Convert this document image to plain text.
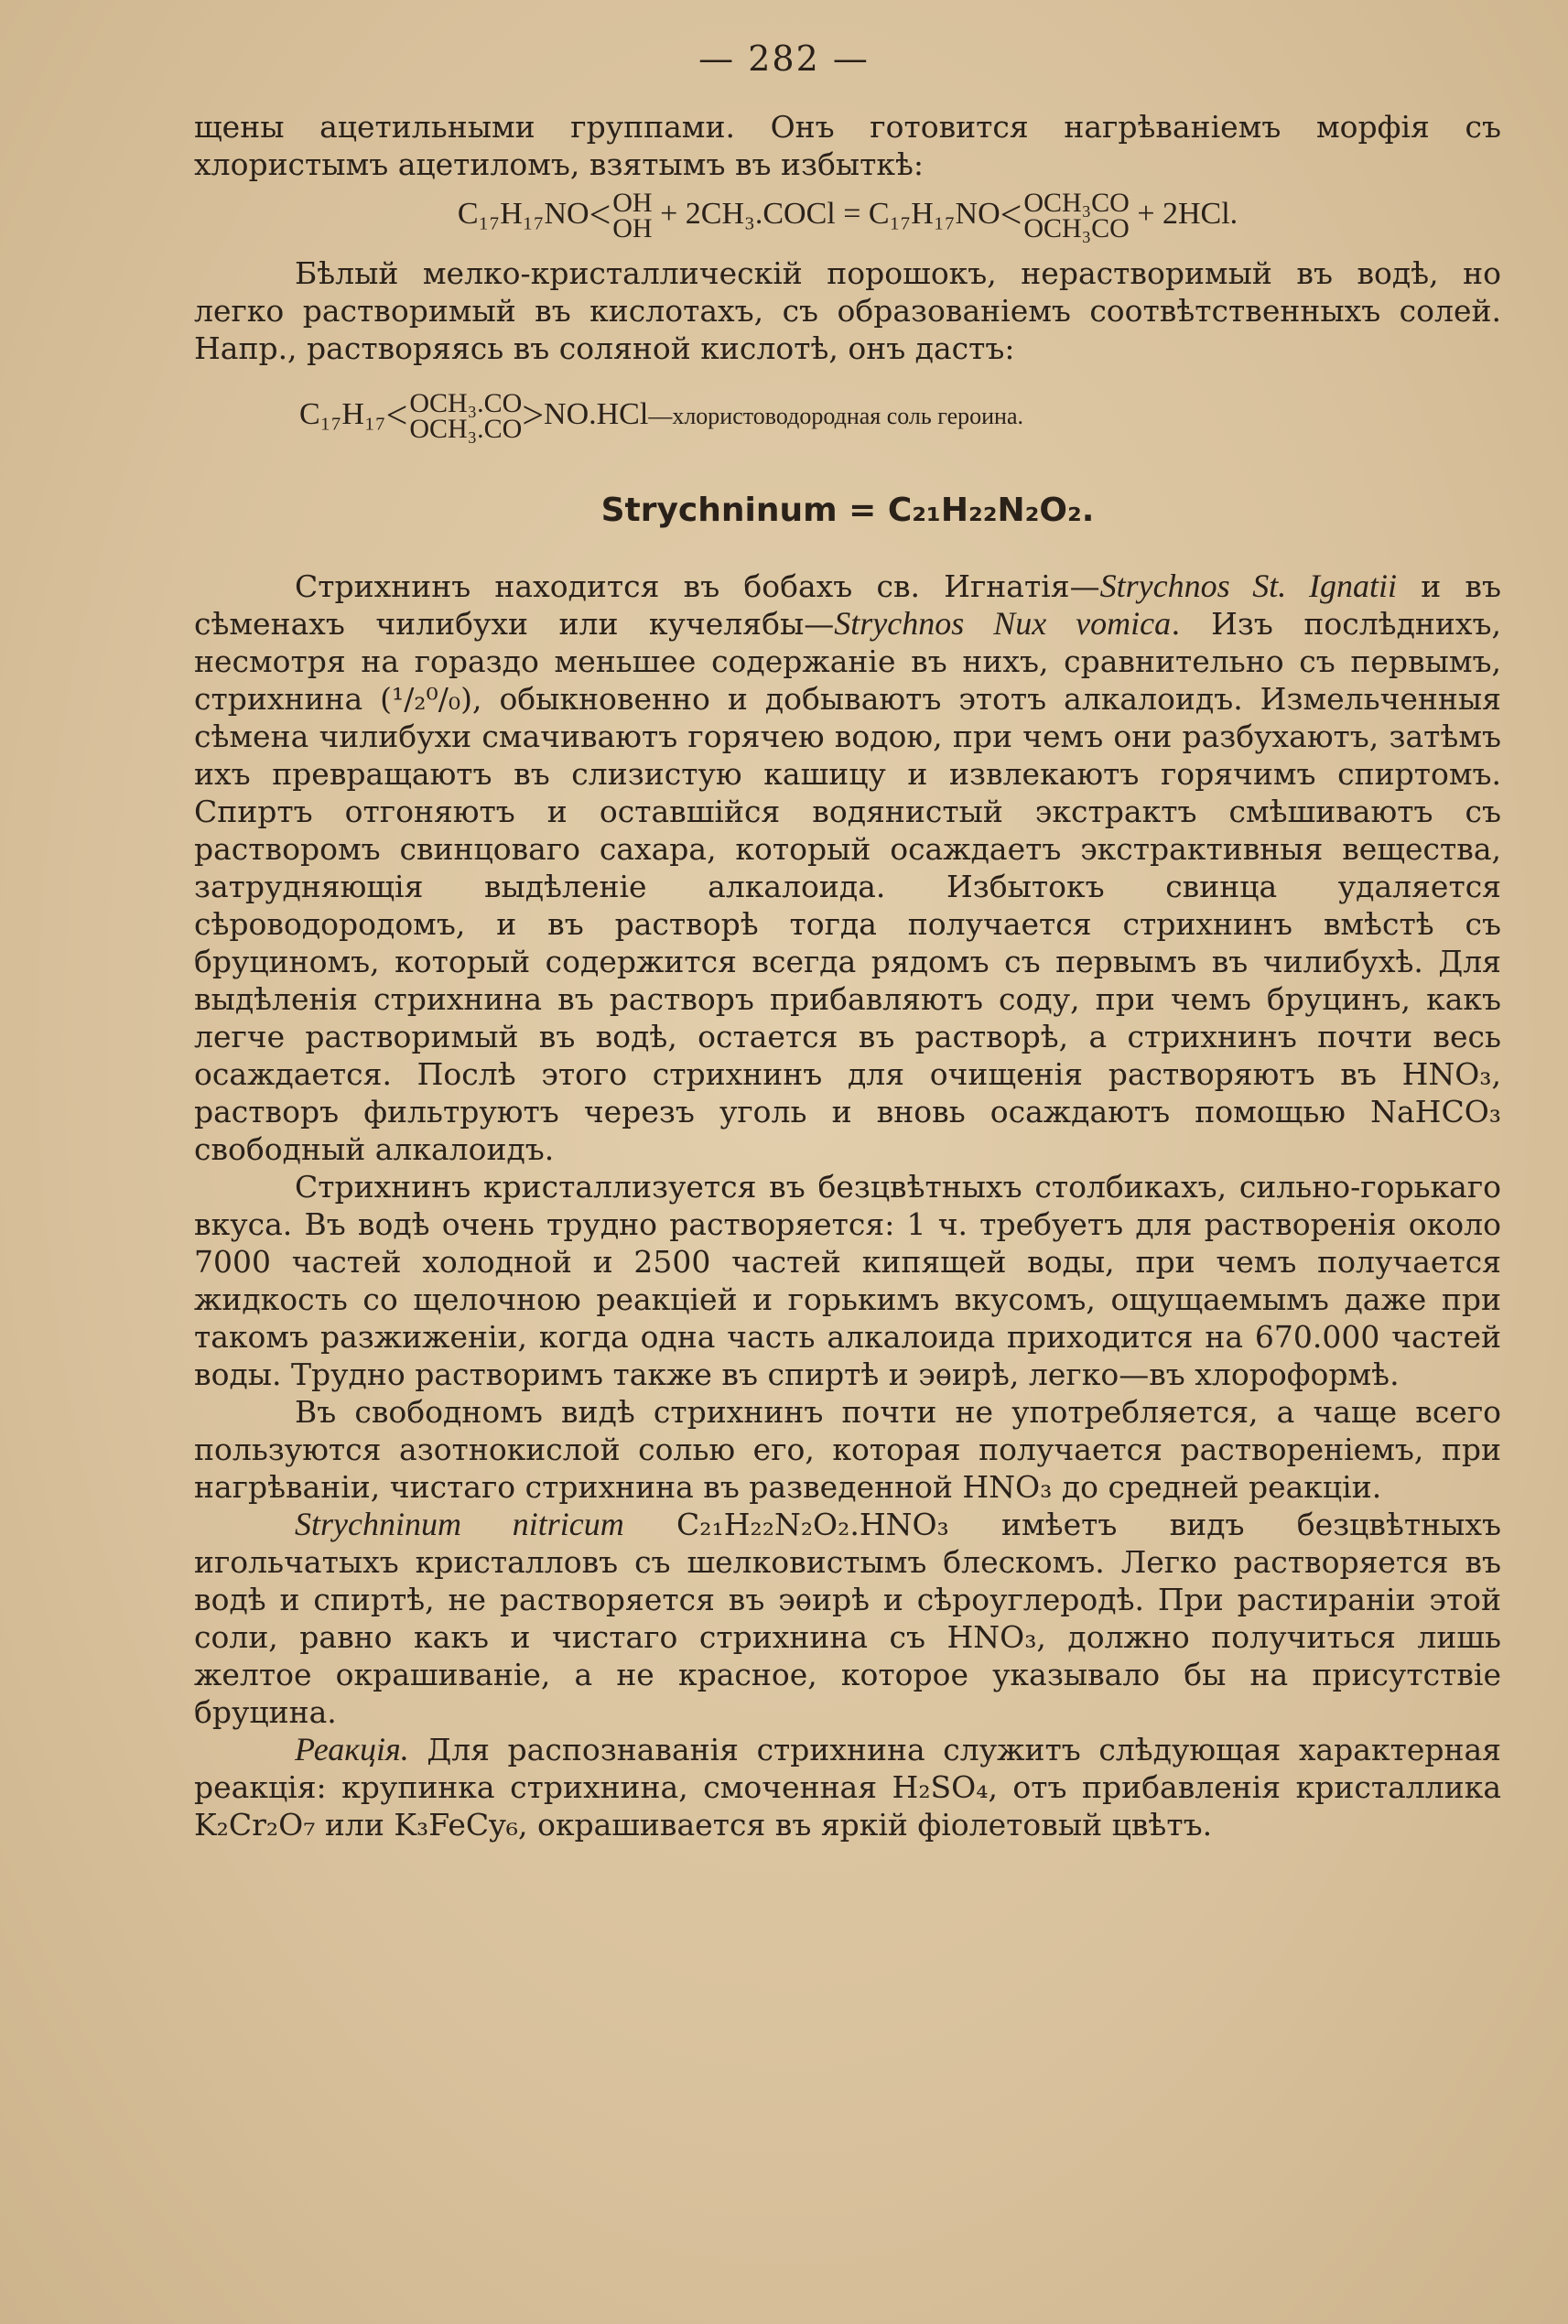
— 282 —

щены ацетильными группами. Онъ готовится нагрѣваніемъ морфія съ хлористымъ ацетиломъ, взятымъ въ избыткѣ:

C₁₇H₁₇NO< OH
OH + 2CH₃.COCl = C₁₇H₁₇NO< OCH₃CO
OCH₃CO + 2HCl.

Бѣлый мелко-кристаллическій порошокъ, нерастворимый въ водѣ, но легко растворимый въ кислотахъ, съ образованіемъ соотвѣтственныхъ солей. Напр., растворяясь въ соляной кислотѣ, онъ дастъ:

C₁₇H₁₇< OCH₃.CO
OCH₃.CO >NO.HCl—хлористоводородная соль героина.
Strychninum = C₂₁H₂₂N₂O₂.

Стрихнинъ находится въ бобахъ св. Игнатія—Strychnos St. Ignatii и въ сѣменахъ чилибухи или кучелябы—Strychnos Nux vomica. Изъ послѣднихъ, несмотря на гораздо меньшее содержаніе въ нихъ, сравнительно съ первымъ, стрихнина (¹/₂⁰/₀), обыкновенно и добываютъ этотъ алкалоидъ. Измельченныя сѣмена чилибухи смачиваютъ горячею водою, при чемъ они разбухаютъ, затѣмъ ихъ превращаютъ въ слизистую кашицу и извлекаютъ горячимъ спиртомъ. Спиртъ отгоняютъ и оставшійся водянистый экстрактъ смѣшиваютъ съ растворомъ свинцоваго сахара, который осаждаетъ экстрактивныя вещества, затрудняющія выдѣленіе алкалоида. Избытокъ свинца удаляется сѣроводородомъ, и въ растворѣ тогда получается стрихнинъ вмѣстѣ съ бруциномъ, который содержится всегда рядомъ съ первымъ въ чилибухѣ. Для выдѣленія стрихнина въ растворъ прибавляютъ соду, при чемъ бруцинъ, какъ легче растворимый въ водѣ, остается въ растворѣ, а стрихнинъ почти весь осаждается. Послѣ этого стрихнинъ для очищенія растворяютъ въ HNO₃, растворъ фильтруютъ черезъ уголь и вновь осаждаютъ помощью NaHCO₃ свободный алкалоидъ.

Стрихнинъ кристаллизуется въ безцвѣтныхъ столбикахъ, сильно-горькаго вкуса. Въ водѣ очень трудно растворяется: 1 ч. требуетъ для растворенія около 7000 частей холодной и 2500 частей кипящей воды, при чемъ получается жидкость со щелочною реакціей и горькимъ вкусомъ, ощущаемымъ даже при такомъ разжиженіи, когда одна часть алкалоида приходится на 670.000 частей воды. Трудно растворимъ также въ спиртѣ и эѳирѣ, легко—въ хлороформѣ.

Въ свободномъ видѣ стрихнинъ почти не употребляется, а чаще всего пользуются азотнокислой солью его, которая получается раствореніемъ, при нагрѣваніи, чистаго стрихнина въ разведенной HNO₃ до средней реакціи.

Strychninum nitricum C₂₁H₂₂N₂O₂.HNO₃ имѣетъ видъ безцвѣтныхъ игольчатыхъ кристалловъ съ шелковистымъ блескомъ. Легко растворяется въ водѣ и спиртѣ, не растворяется въ эѳирѣ и сѣроуглеродѣ. При растираніи этой соли, равно какъ и чистаго стрихнина съ HNO₃, должно получиться лишь желтое окрашиваніе, а не красное, которое указывало бы на присутствіе бруцина.

Реакція. Для распознаванія стрихнина служитъ слѣдующая характерная реакція: крупинка стрихнина, смоченная H₂SO₄, отъ прибавленія кристаллика K₂Cr₂O₇ или K₃FeCy₆, окрашивается въ яркій фіолетовый цвѣтъ.
